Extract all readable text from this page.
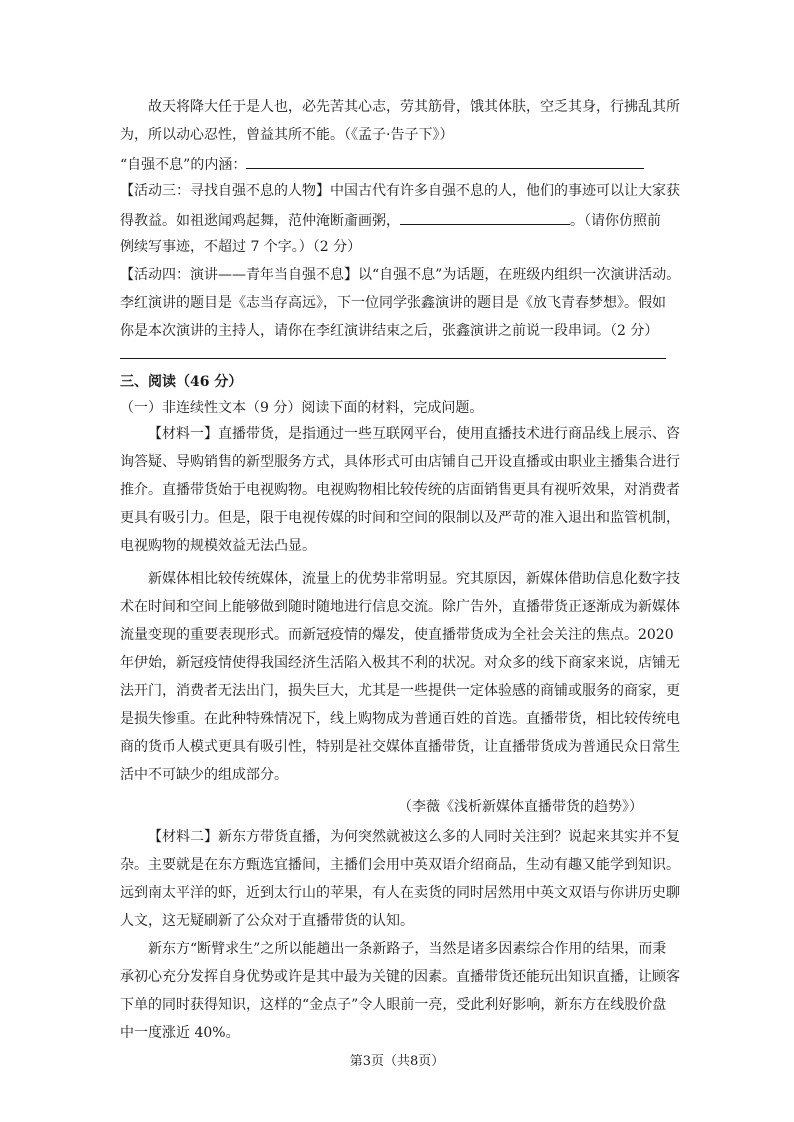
故天将降大任于是人也，必先苦其心志，劳其筋骨，饿其体肤，空乏其身，行拂乱其所

为，所以动心忍性，曾益其所不能。（《孟子·告子下》）

“自强不息”的内涵：

【活动三：寻找自强不息的人物】中国古代有许多自强不息的人，他们的事迹可以让大家获

得教益。如祖逖闻鸡起舞，范仲淹断齑画粥，	。（请你仿照前

例续写事迹，不超过 7 个字。）（2 分）

【活动四：演讲——青年当自强不息】以“自强不息”为话题，在班级内组织一次演讲活动。

李红演讲的题目是《志当存高远》，下一位同学张鑫演讲的题目是《放飞青春梦想》。假如

你是本次演讲的主持人，请你在李红演讲结束之后，张鑫演讲之前说一段串词。（2 分）

三、阅读（46 分）

（一）非连续性文本（9 分）阅读下面的材料，完成问题。

【材料一】直播带货，是指通过一些互联网平台，使用直播技术进行商品线上展示、咨

询答疑、导购销售的新型服务方式，具体形式可由店铺自己开设直播或由职业主播集合进行

推介。直播带货始于电视购物。电视购物相比较传统的店面销售更具有视听效果，对消费者

更具有吸引力。但是，限于电视传媒的时间和空间的限制以及严苛的准入退出和监管机制，

电视购物的规模效益无法凸显。

新媒体相比较传统媒体，流量上的优势非常明显。究其原因，新媒体借助信息化数字技

术在时间和空间上能够做到随时随地进行信息交流。除广告外，直播带货正逐渐成为新媒体

流量变现的重要表现形式。而新冠疫情的爆发，使直播带货成为全社会关注的焦点。2020

年伊始，新冠疫情使得我国经济生活陷入极其不利的状况。对众多的线下商家来说，店铺无

法开门，消费者无法出门，损失巨大，尤其是一些提供一定体验感的商铺或服务的商家，更

是损失惨重。在此种特殊情况下，线上购物成为普通百姓的首选。直播带货，相比较传统电

商的货币人模式更具有吸引性，特别是社交媒体直播带货，让直播带货成为普通民众日常生

活中不可缺少的组成部分。

（李薇《浅析新媒体直播带货的趋势》）

【材料二】新东方带货直播，为何突然就被这么多的人同时关注到？说起来其实并不复

杂。主要就是在东方甄选宜播间，主播们会用中英双语介绍商品，生动有趣又能学到知识。

远到南太平洋的虾，近到太行山的苹果，有人在卖货的同时居然用中英文双语与你讲历史聊

人文，这无疑刷新了公众对于直播带货的认知。

新东方“断臂求生”之所以能趟出一条新路子，当然是诸多因素综合作用的结果，而秉

承初心充分发挥自身优势或许是其中最为关键的因素。直播带货还能玩出知识直播，让顾客

下单的同时获得知识，这样的“金点子”令人眼前一亮，受此利好影响，新东方在线股价盘

第3页（共8页）

中一度涨近 40%。
